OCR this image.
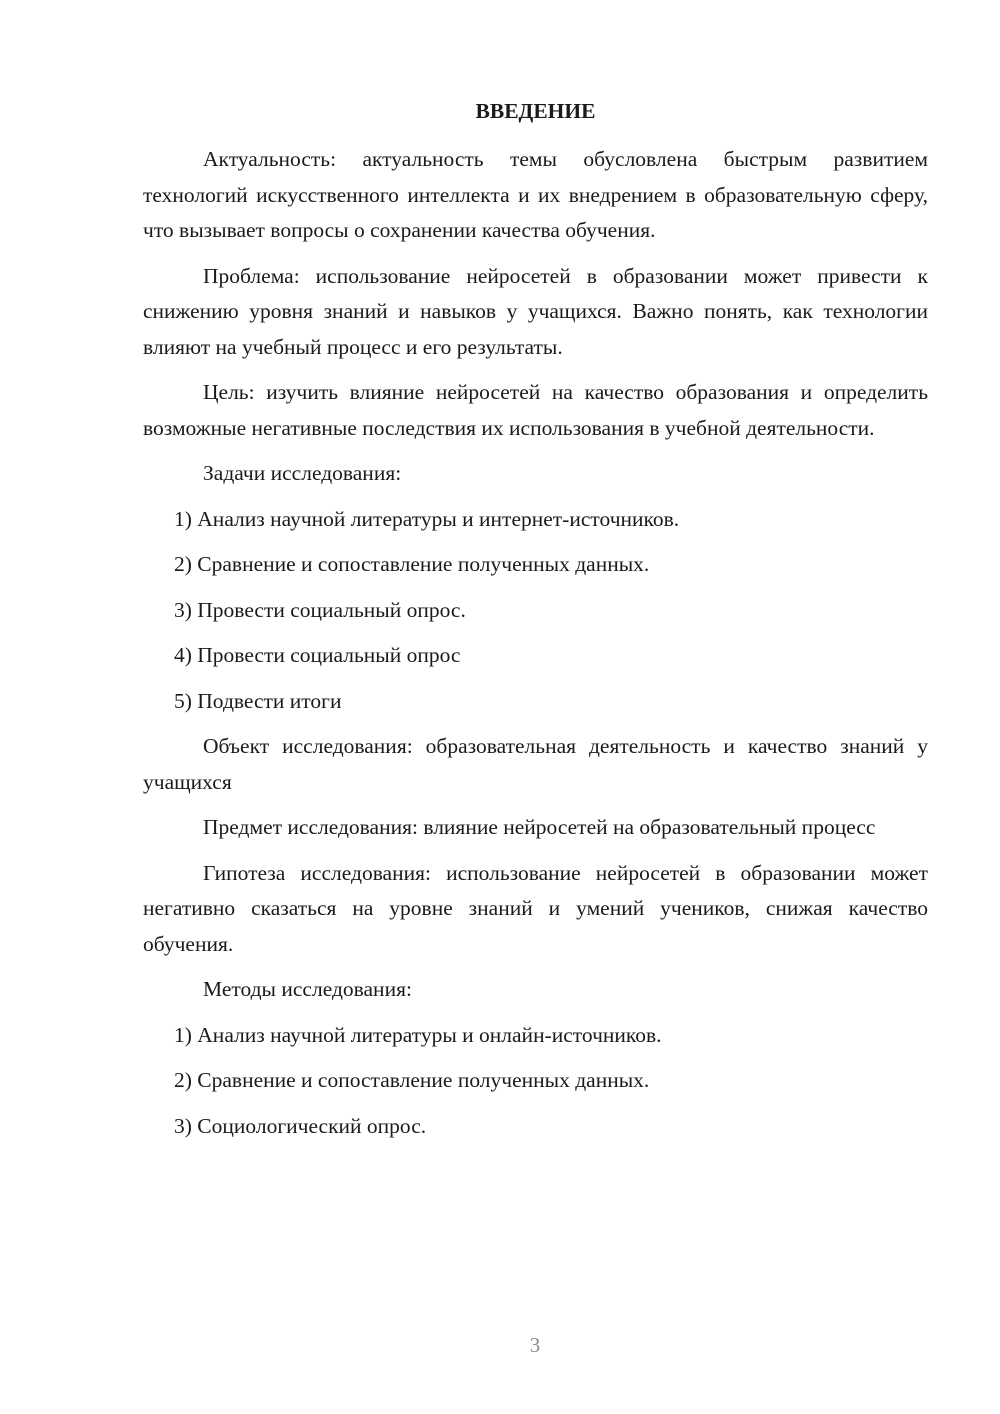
ВВЕДЕНИЕ

Актуальность: актуальность темы обусловлена быстрым развитием технологий искусственного интеллекта и их внедрением в образовательную сферу, что вызывает вопросы о сохранении качества обучения.

Проблема: использование нейросетей в образовании может привести к снижению уровня знаний и навыков у учащихся. Важно понять, как технологии влияют на учебный процесс и его результаты.

Цель: изучить влияние нейросетей на качество образования и определить возможные негативные последствия их использования в учебной деятельности.

Задачи исследования:

1) Анализ научной литературы и интернет-источников.
2) Сравнение и сопоставление полученных данных.
3) Провести социальный опрос.
4) Провести социальный опрос
5) Подвести итоги

Объект исследования: образовательная деятельность и качество знаний у учащихся

Предмет исследования: влияние нейросетей на образовательный процесс

Гипотеза исследования: использование нейросетей в образовании может негативно сказаться на уровне знаний и умений учеников, снижая качество обучения.

Методы исследования:

1) Анализ научной литературы и онлайн-источников.
2) Сравнение и сопоставление полученных данных.
3) Социологический опрос.
3
